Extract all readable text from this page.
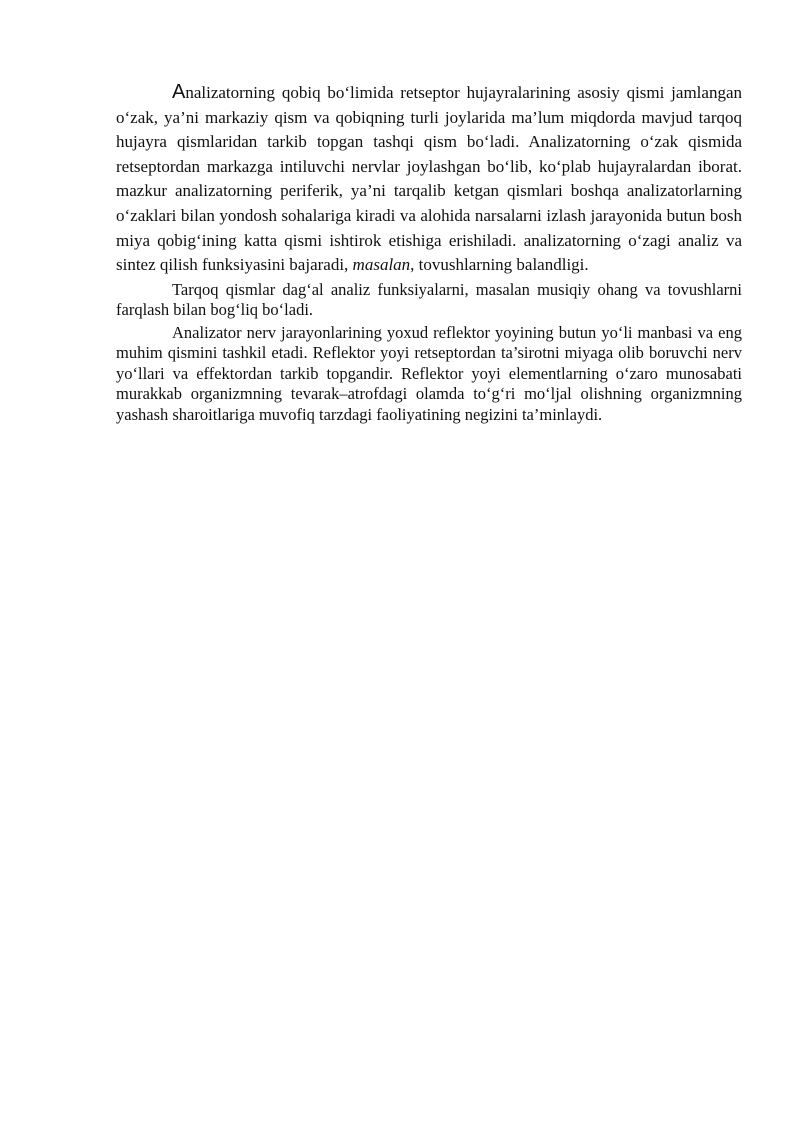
Analizatorning qobiq bo‘limida retseptor hujayralarining asosiy qismi jamlangan o‘zak, ya’ni markaziy qism va qobiqning turli joylarida ma’lum miqdorda mavjud tarqoq hujayra qismlaridan tarkib topgan tashqi qism bo‘ladi. Analizatorning o‘zak qismida retseptordan markazga intiluvchi nervlar joylashgan bo‘lib, ko‘plab hujayralardan iborat. mazkur analizatorning periferik, ya’ni tarqalib ketgan qismlari boshqa analizatorlarning o‘zaklari bilan yondosh sohalariga kiradi va alohida narsalarni izlash jarayonida butun bosh miya qobig‘ining katta qismi ishtirok etishiga erishiladi. analizatorning o‘zagi analiz va sintez qilish funksiyasini bajaradi, masalan, tovushlarning balandligi.

Tarqoq qismlar dag‘al analiz funksiyalarni, masalan musiqiy ohang va tovushlarni farqlash bilan bog‘liq bo‘ladi.

Analizator nerv jarayonlarining yoxud reflektor yoyining butun yo‘li manbasi va eng muhim qismini tashkil etadi. Reflektor yoyi retseptordan ta’sirotni miyaga olib boruvchi nerv yo‘llari va effektordan tarkib topgandir. Reflektor yoyi elementlarning o‘zaro munosabati murakkab organizmning tevarak–atrofdagi olamda to‘g‘ri mo‘ljal olishning organizmning yashash sharoitlariga muvofiq tarzdagi faoliyatining negizini ta’minlaydi.
